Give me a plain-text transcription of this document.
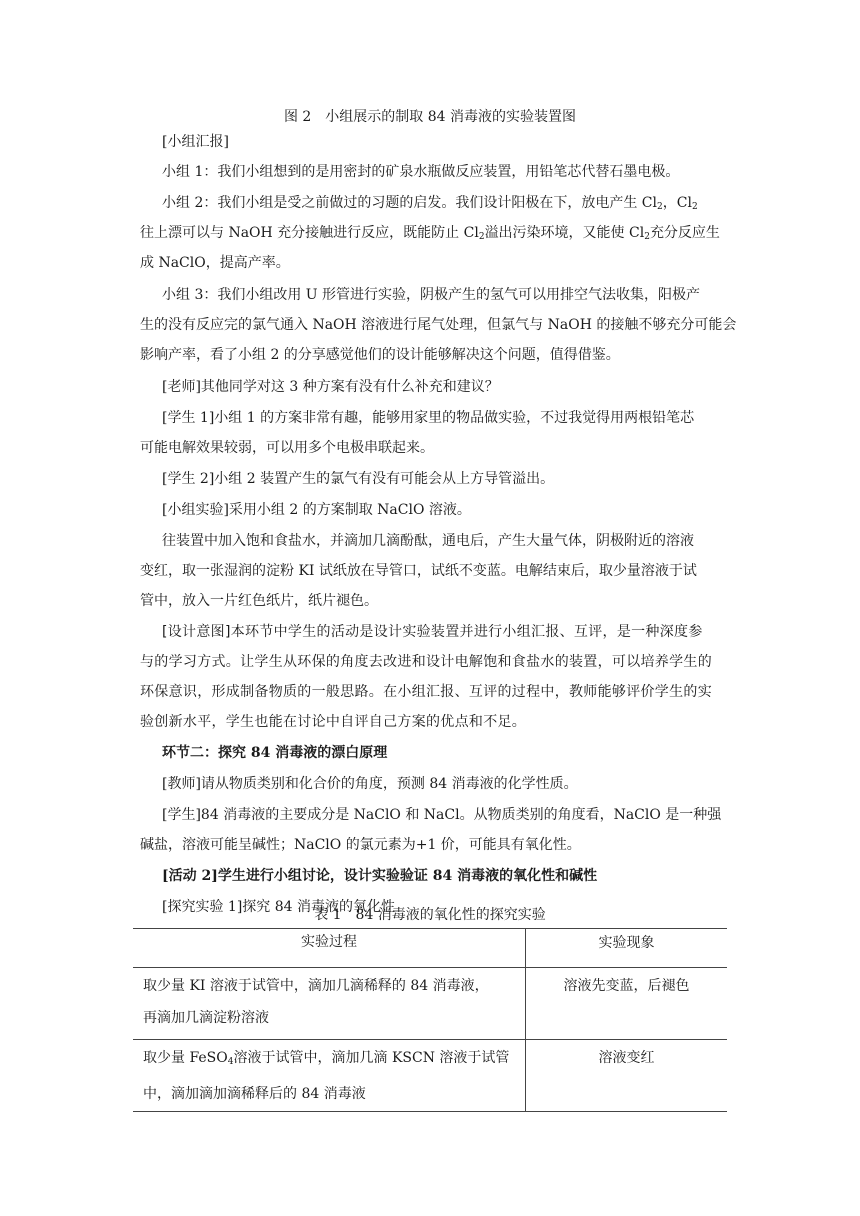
图 2　小组展示的制取 84 消毒液的实验装置图
[小组汇报]
小组 1：我们小组想到的是用密封的矿泉水瓶做反应装置，用铅笔芯代替石墨电极。
小组 2：我们小组是受之前做过的习题的启发。我们设计阳极在下，放电产生 $Cl_2$，$Cl_2$
往上漂可以与 NaOH 充分接触进行反应，既能防止 $Cl_2$溢出污染环境，又能使 $Cl_2$充分反应生
成 NaClO，提高产率。
小组 3：我们小组改用 U 形管进行实验，阴极产生的氢气可以用排空气法收集，阳极产
生的没有反应完的氯气通入 NaOH 溶液进行尾气处理，但氯气与 NaOH 的接触不够充分可能会
影响产率，看了小组 2 的分享感觉他们的设计能够解决这个问题，值得借鉴。
[老师]其他同学对这 3 种方案有没有什么补充和建议？
[学生 1]小组 1 的方案非常有趣，能够用家里的物品做实验，不过我觉得用两根铅笔芯
可能电解效果较弱，可以用多个电极串联起来。
[学生 2]小组 2 装置产生的氯气有没有可能会从上方导管溢出。
[小组实验]采用小组 2 的方案制取 NaClO 溶液。
往装置中加入饱和食盐水，并滴加几滴酚酞，通电后，产生大量气体，阴极附近的溶液
变红，取一张湿润的淀粉 KI 试纸放在导管口，试纸不变蓝。电解结束后，取少量溶液于试
管中，放入一片红色纸片，纸片褪色。
[设计意图]本环节中学生的活动是设计实验装置并进行小组汇报、互评，是一种深度参
与的学习方式。让学生从环保的角度去改进和设计电解饱和食盐水的装置，可以培养学生的
环保意识，形成制备物质的一般思路。在小组汇报、互评的过程中，教师能够评价学生的实
验创新水平，学生也能在讨论中自评自己方案的优点和不足。
环节二：探究 84 消毒液的漂白原理
[教师]请从物质类别和化合价的角度，预测 84 消毒液的化学性质。
[学生]84 消毒液的主要成分是 NaClO 和 NaCl。从物质类别的角度看，NaClO 是一种强
碱盐，溶液可能呈碱性；NaClO 的氯元素为+1 价，可能具有氧化性。
[活动 2]学生进行小组讨论，设计实验验证 84 消毒液的氧化性和碱性
[探究实验 1]探究 84 消毒液的氧化性
表 1　84 消毒液的氧化性的探究实验
实验过程	实验现象
取少量 KI 溶液于试管中，滴加几滴稀释的 84 消毒液，
再滴加几滴淀粉溶液	溶液先变蓝，后褪色
取少量 FeSO$_4$溶液于试管中，滴加几滴 KSCN 溶液于试管
中，滴加滴加滴稀释后的 84 消毒液	溶液变红
